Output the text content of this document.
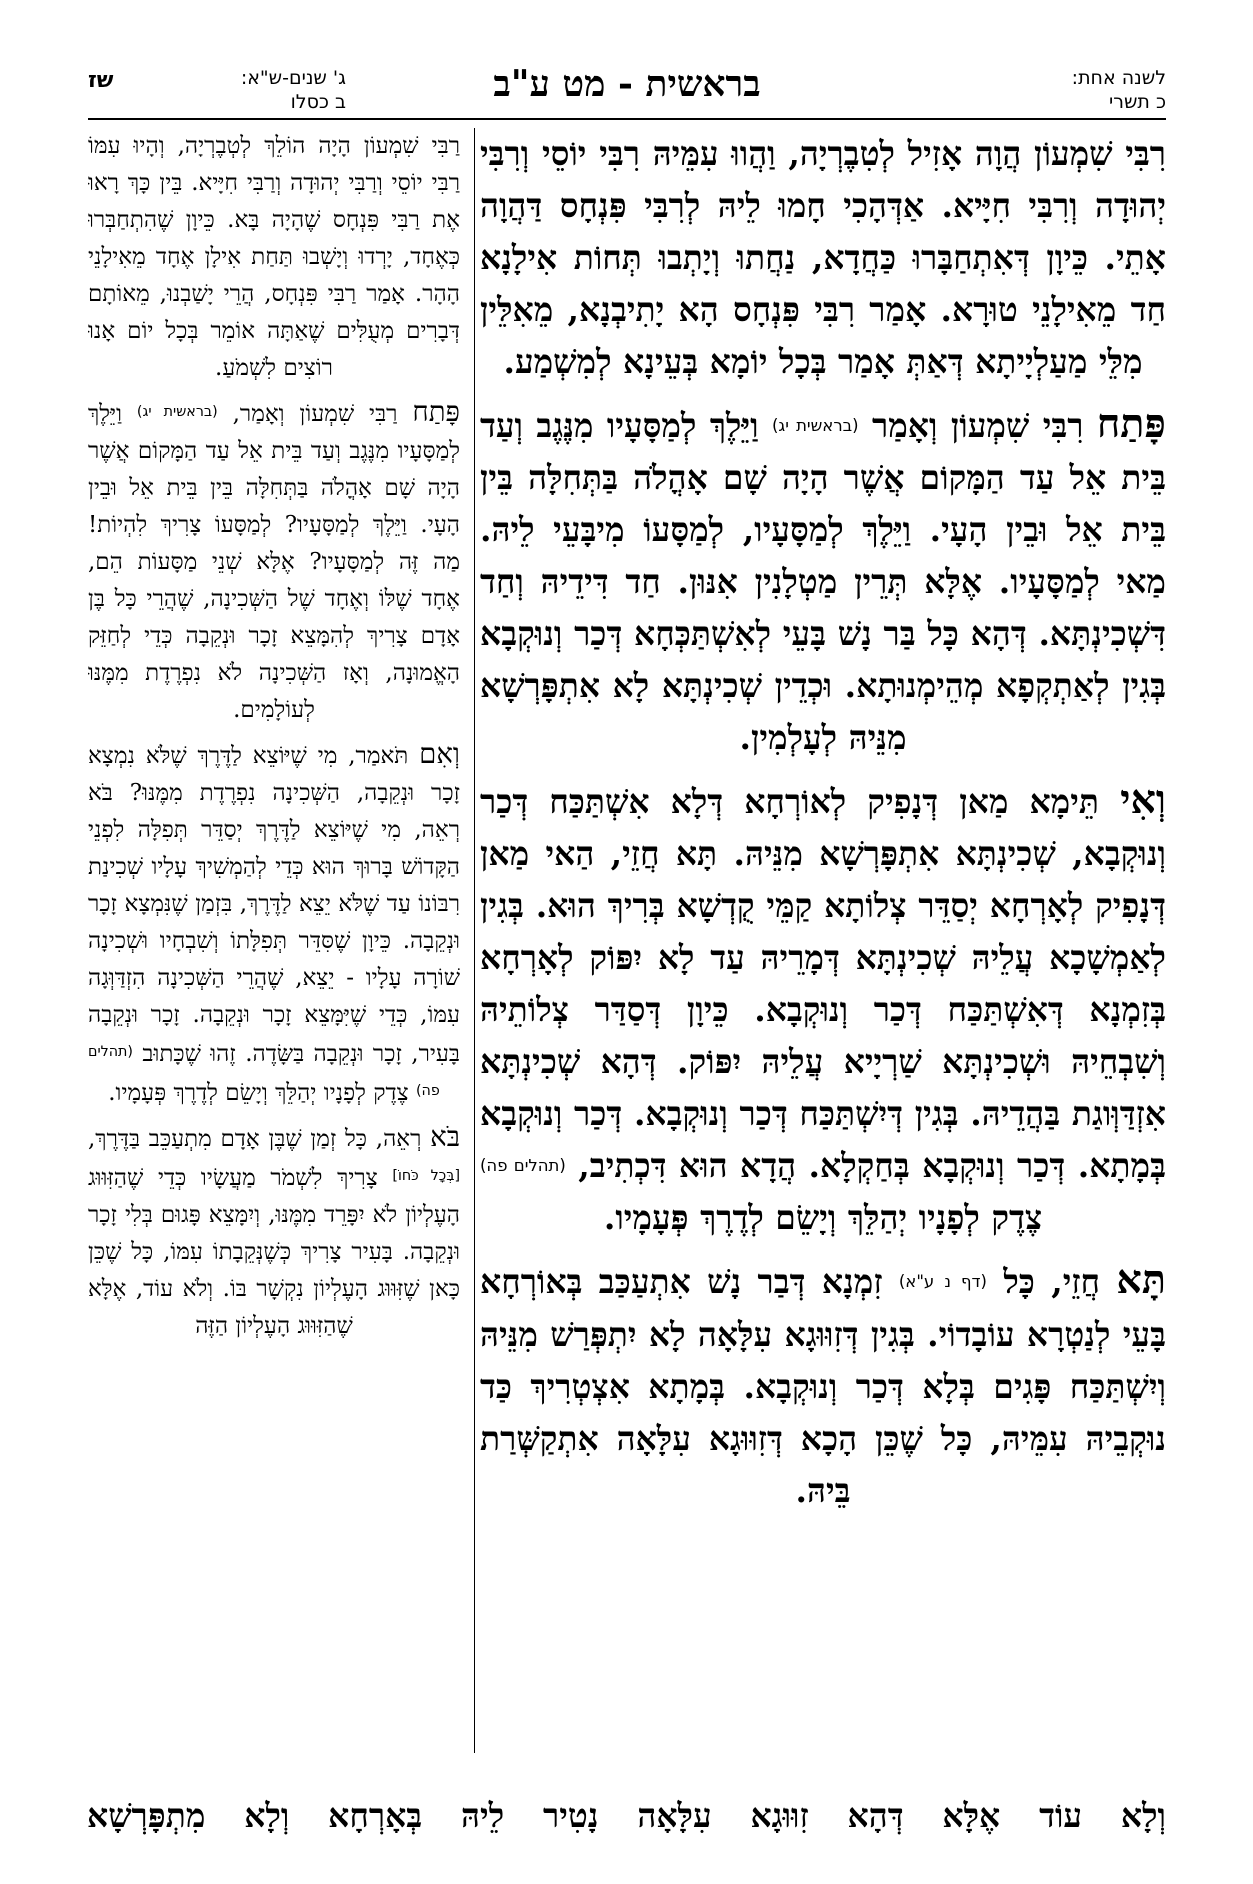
לשנה אחת:
כ תשרי
בראשית - מט ע"ב
ג' שנים-ש"א:
ב כסלו
שז

רִבִּי שִׁמְעוֹן הֲוָה אָזִיל לְטִבֶרְיָה, וַהֲווּ עִמֵּיהּ רִבִּי יוֹסֵי וְרִבִּי יְהוּדָה וְרִבִּי חִיָּיא. אַדְּהָכִי חָמוּ לֵיהּ לְרִבִּי פִּנְחָס דַּהֲוָה אָתֵי. כֵּיוָן דְּאִתְחַבָּרוּ כַּחֲדָא, נַחֲתוּ וְיָתְבוּ תְּחוֹת אִילָנָא חַד מֵאִילָנֵי טוּרָא. אָמַר רִבִּי פִּנְחָס הָא יָתִיבְנָא, מֵאִלֵּין מִלֵּי מַעַלְיָיתָא דְּאַתְּ אָמַר בְּכָל יוֹמָא בְּעֵינָא לְמִשְׁמַע.

פָּתַח רִבִּי שִׁמְעוֹן וְאָמַר (בראשית יג) וַיֵּלֶךְ לְמַסָּעָיו מִנֶּגֶב וְעַד בֵּית אֵל עַד הַמָּקוֹם אֲשֶׁר הָיָה שָׁם אָהֳלֹה בַּתְּחִלָּה בֵּין בֵּית אֵל וּבֵין הָעָי. וַיֵּלֶךְ לְמַסָּעָיו, לְמַסָּעוֹ מִיבָּעֵי לֵיהּ. מַאי לְמַסָּעָיו. אֶלָּא תְּרֵין מַטְלָנִין אִנּוּן. חַד דִּידֵיהּ וְחַד דִּשְׁכִינְתָּא. דְּהָא כָּל בַּר נָשׁ בָּעֵי לְאִשְׁתַּכְּחָא דְּכַר וְנוּקְבָא בְּגִין לְאַתְקְפָא מְהֵימְנוּתָא. וּכְדֵין שְׁכִינְתָּא לָא אִתְפָּרְשָׁא מִנֵּיהּ לְעָלְמִין.

וְאִי תֵּימָא מַאן דְּנָפִיק לְאוֹרְחָא דְּלָא אִשְׁתַּכַּח דְּכַר וְנוּקְבָא, שְׁכִינְתָּא אִתְפָּרְשָׁא מִנֵּיהּ. תָּא חֲזֵי, הַאי מַאן דְּנָפִיק לְאָרְחָא יְסַדֵּר צְלוֹתָא קַמֵּי קֻדְשָׁא בְּרִיךְ הוּא. בְּגִין לְאַמְשָׁכָא עֲלֵיהּ שְׁכִינְתָּא דְּמָרֵיהּ עַד לָא יִפּוֹק לְאָרְחָא בְּזִמְנָא דְּאִשְׁתַּכַּח דְּכַר וְנוּקְבָא. כֵּיוָן דְּסַדַּר צְלוֹתֵיהּ וְשִׁבְחֵיהּ וּשְׁכִינְתָּא שַׁרְיָיא עֲלֵיהּ יִפּוֹק. דְּהָא שְׁכִינְתָּא אִזְדַּוְּוגַת בַּהֲדֵיהּ. בְּגִין דְּיִשְׁתַּכַּח דְּכַר וְנוּקְבָא. דְּכַר וְנוּקְבָא בְּמָתָא. דְּכַר וְנוּקְבָא בְּחַקְלָא. הֲדָא הוּא דִּכְתִיב, (תהלים פה) צֶדֶק לְפָנָיו יְהַלֵּךְ וְיָשֵׂם לְדֶרֶךְ פְּעָמָיו.

תָּא חֲזֵי, כָּל (דף נ ע"א) זִמְנָא דְּבַר נָשׁ אִתְעַכַּב בְּאוֹרְחָא בָּעֵי לְנַטְרָא עוֹבָדוֹי. בְּגִין דְּזִוּוּגָא עִלָּאָה לָא יִתְפְּרַשׁ מִנֵּיהּ וְיִשְׁתַּכַּח פָּגִים בְּלָא דְּכַר וְנוּקְבָא. בְּמָתָא אִצְטְרִיךְ כַּד נוּקְבֵיהּ עִמֵּיהּ, כָּל שֶׁכֵּן הָכָא דְּזִוּוּגָא עִלָּאָה אִתְקַשְּׁרַת בֵּיהּ.

רַבִּי שִׁמְעוֹן הָיָה הוֹלֵךְ לְטְבֶרְיָה, וְהָיוּ עִמּוֹ רַבִּי יוֹסֵי וְרַבִּי יְהוּדָה וְרַבִּי חִיָּיא. בֵּין כָּךְ רָאוּ אֶת רַבִּי פִּנְחָס שֶׁהָיָה בָּא. כֵּיוָן שֶׁהִתְחַבְּרוּ כְּאֶחָד, יָרְדוּ וְיָשְׁבוּ תַּחַת אִילָן אֶחָד מֵאִילָנֵי הָהָר. אָמַר רַבִּי פִּנְחָס, הֲרֵי יָשַׁבְנוּ, מֵאוֹתָם דְּבָרִים מְעֻלִּים שֶׁאַתָּה אוֹמֵר בְּכָל יוֹם אָנוּ רוֹצִים לִשְׁמֹעַ.

פָּתַח רַבִּי שִׁמְעוֹן וְאָמַר, $^{(בראשית יג)}$ וַיֵּלֶךְ לְמַסָּעָיו מִנֶּגֶב וְעַד בֵּית אֵל עַד הַמָּקוֹם אֲשֶׁר הָיָה שָׁם אָהֳלֹה בַּתְּחִלָּה בֵּין בֵּית אֵל וּבֵין הָעָי. וַיֵּלֶךְ לְמַסָּעָיו? לְמַסָּעוֹ צָרִיךְ לִהְיוֹת! מַה זֶּה לְמַסָּעָיו? אֶלָּא שְׁנֵי מַסָּעוֹת הֵם, אֶחָד שֶׁלּוֹ וְאֶחָד שֶׁל הַשְּׁכִינָה, שֶׁהֲרֵי כָּל בֶּן אָדָם צָרִיךְ לְהִמָּצֵא זָכָר וּנְקֵבָה כְּדֵי לְחַזֵּק הָאֱמוּנָה, וְאָז הַשְּׁכִינָה לֹא נִפְרֶדֶת מִמֶּנּוּ לְעוֹלָמִים.

וְאִם תֹּאמַר, מִי שֶׁיּוֹצֵא לַדֶּרֶךְ שֶׁלֹּא נִמְצָא זָכָר וּנְקֵבָה, הַשְּׁכִינָה נִפְרֶדֶת מִמֶּנּוּ? בֹּא רְאֵה, מִי שֶׁיּוֹצֵא לַדֶּרֶךְ יְסַדֵּר תְּפִלָּה לִפְנֵי הַקָּדוֹשׁ בָּרוּךְ הוּא כְּדֵי לְהַמְשִׁיךְ עָלָיו שְׁכִינַת רִבּוֹנוֹ עַד שֶׁלֹּא יֵצֵא לַדֶּרֶךְ, בִּזְמַן שֶׁנִּמְצָא זָכָר וּנְקֵבָה. כֵּיוָן שֶׁסִּדֵּר תְּפִלָּתוֹ וְשִׁבְחָיו וּשְׁכִינָה שׁוֹרָה עָלָיו - יֵצֵא, שֶׁהֲרֵי הַשְּׁכִינָה הִזְדַּוְּגָה עִמּוֹ, כְּדֵי שֶׁיִּמָּצֵא זָכָר וּנְקֵבָה. זָכָר וּנְקֵבָה בָּעִיר, זָכָר וּנְקֵבָה בַּשָּׂדֶה. זֶהוּ שֶׁכָּתוּב $^{(תהלים פה)}$ צֶדֶק לְפָנָיו יְהַלֵּךְ וְיָשֵׂם לְדֶרֶךְ פְּעָמָיו.

בֹּא רְאֵה, כָּל זְמַן שֶׁבֶּן אָדָם מִתְעַכֵּב בַּדֶּרֶךְ, [בְּכָל כֹּחוֹ] צָרִיךְ לִשְׁמֹר מַעֲשָׂיו כְּדֵי שֶׁהַזִּוּוּג הָעֶלְיוֹן לֹא יִפָּרֵד מִמֶּנּוּ, וְיִמָּצֵא פָּגוּם בְּלִי זָכָר וּנְקֵבָה. בָּעִיר צָרִיךְ כְּשֶׁנְּקֵבָתוֹ עִמּוֹ, כָּל שֶׁכֵּן כָּאן שֶׁזִּוּוּג הָעֶלְיוֹן נִקְשָׁר בּוֹ. וְלֹא עוֹד, אֶלָּא שֶׁהַזִּוּוּג הָעֶלְיוֹן הַזֶּה

וְלָא עוֹד אֶלָּא דְּהָא זִוּוּגָא עִלָּאָה נָטִיר לֵיהּ בְּאָרְחָא וְלָא מִתְפָּרְשָׁא
